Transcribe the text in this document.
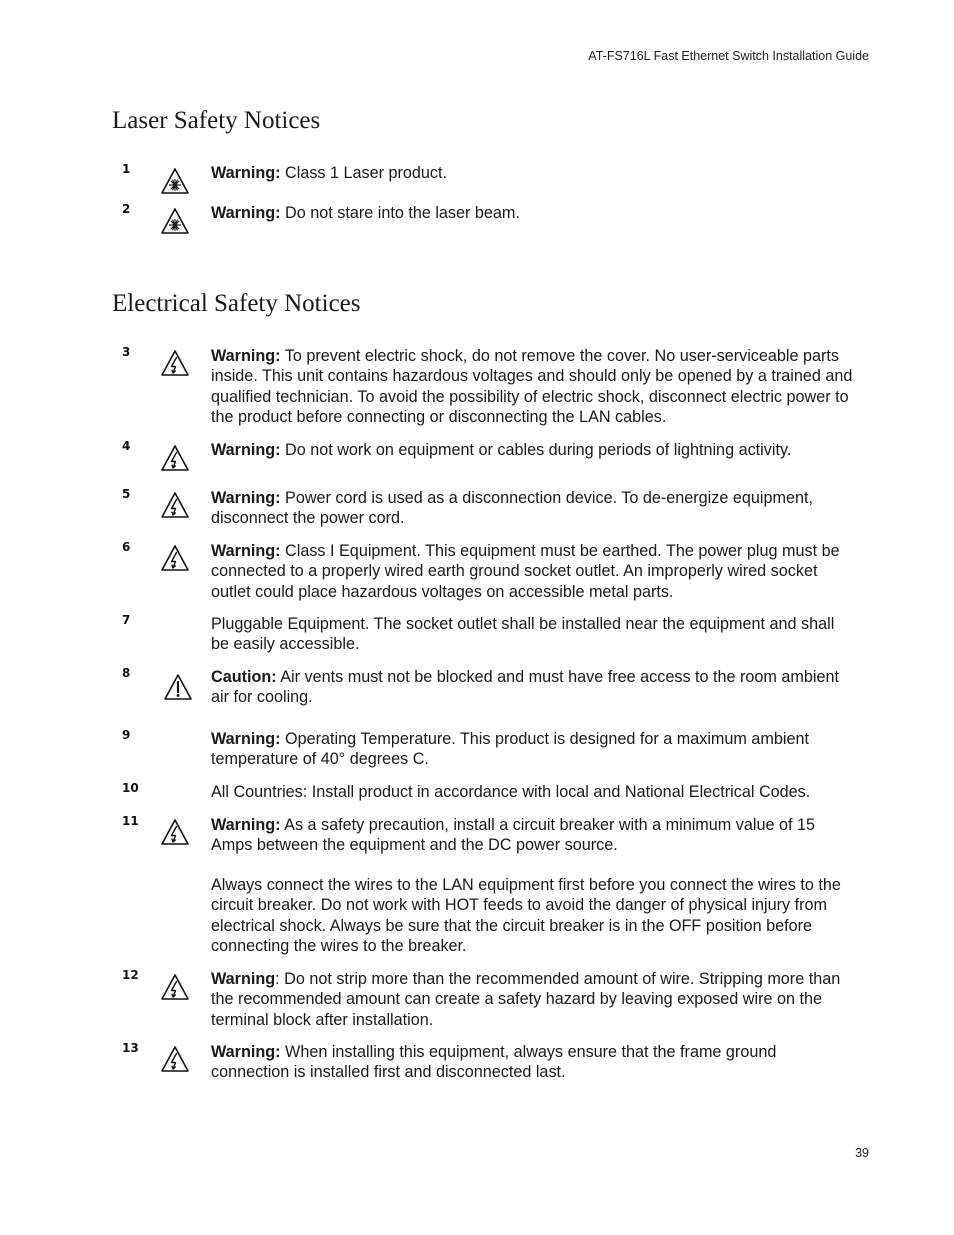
AT-FS716L Fast Ethernet Switch Installation Guide
Laser Safety Notices
1	Warning: Class 1 Laser product.
2	Warning: Do not stare into the laser beam.
Electrical Safety Notices
3	Warning: To prevent electric shock, do not remove the cover. No user-serviceable parts inside. This unit contains hazardous voltages and should only be opened by a trained and qualified technician. To avoid the possibility of electric shock, disconnect electric power to the product before connecting or disconnecting the LAN cables.
4	Warning: Do not work on equipment or cables during periods of lightning activity.
5	Warning: Power cord is used as a disconnection device. To de-energize equipment, disconnect the power cord.
6	Warning: Class I Equipment. This equipment must be earthed. The power plug must be connected to a properly wired earth ground socket outlet. An improperly wired socket outlet could place hazardous voltages on accessible metal parts.
7	Pluggable Equipment. The socket outlet shall be installed near the equipment and shall be easily accessible.
8	Caution: Air vents must not be blocked and must have free access to the room ambient air for cooling.
9	Warning: Operating Temperature. This product is designed for a maximum ambient temperature of 40° degrees C.
10	All Countries: Install product in accordance with local and National Electrical Codes.
11	Warning: As a safety precaution, install a circuit breaker with a minimum value of 15 Amps between the equipment and the DC power source.
Always connect the wires to the LAN equipment first before you connect the wires to the circuit breaker. Do not work with HOT feeds to avoid the danger of physical injury from electrical shock. Always be sure that the circuit breaker is in the OFF position before connecting the wires to the breaker.
12	Warning: Do not strip more than the recommended amount of wire. Stripping more than the recommended amount can create a safety hazard by leaving exposed wire on the terminal block after installation.
13	Warning: When installing this equipment, always ensure that the frame ground connection is installed first and disconnected last.
39
